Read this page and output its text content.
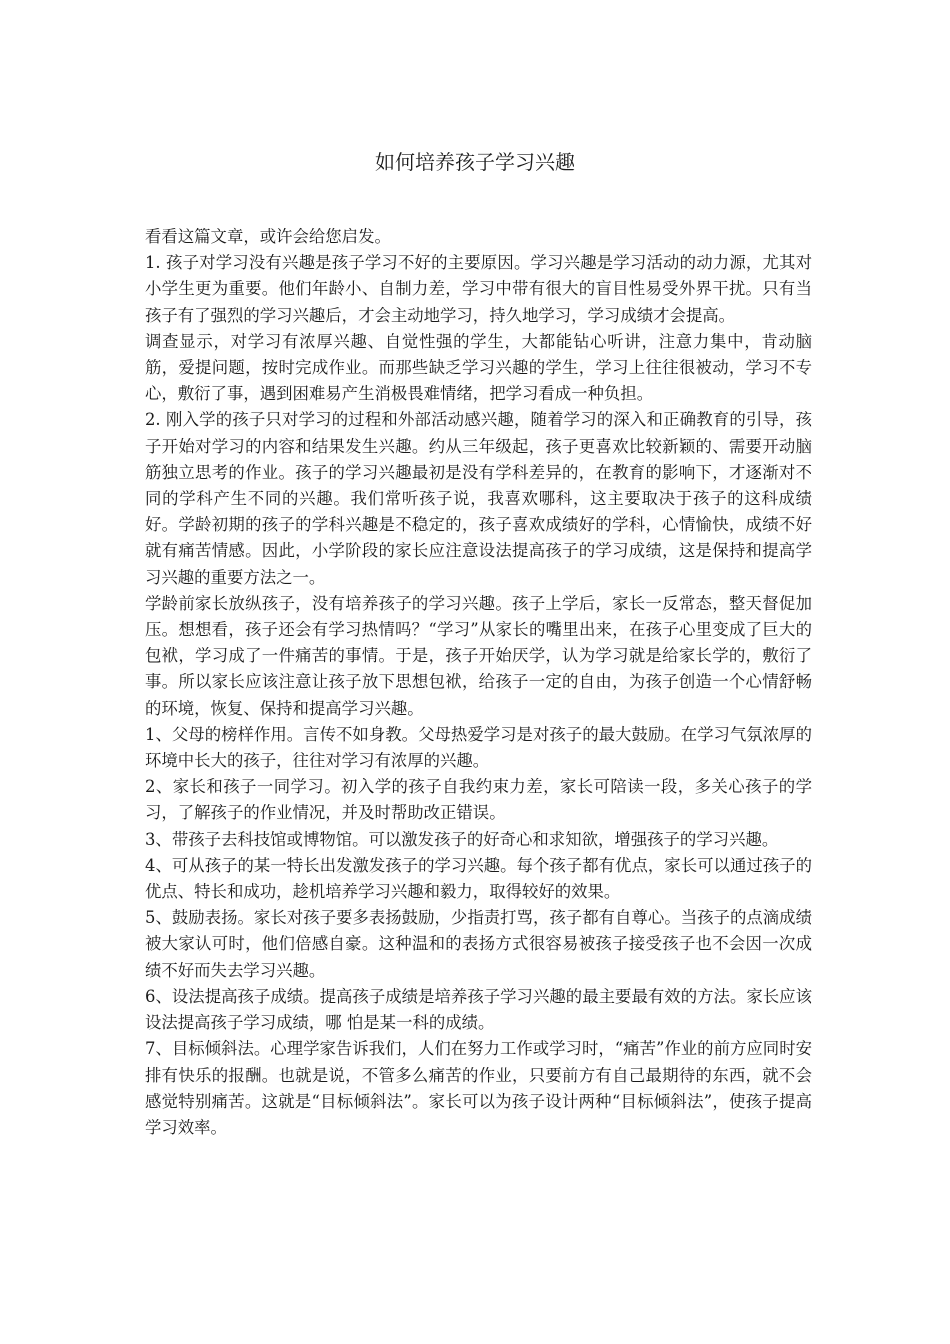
如何培养孩子学习兴趣

看看这篇文章，或许会给您启发。

1. 孩子对学习没有兴趣是孩子学习不好的主要原因。学习兴趣是学习活动的动力源，尤其对小学生更为重要。他们年龄小、自制力差，学习中带有很大的盲目性易受外界干扰。只有当孩子有了强烈的学习兴趣后，才会主动地学习，持久地学习，学习成绩才会提高。

调查显示，对学习有浓厚兴趣、自觉性强的学生，大都能钻心听讲，注意力集中，肯动脑筋，爱提问题，按时完成作业。而那些缺乏学习兴趣的学生，学习上往往很被动，学习不专心，敷衍了事，遇到困难易产生消极畏难情绪，把学习看成一种负担。

2. 刚入学的孩子只对学习的过程和外部活动感兴趣，随着学习的深入和正确教育的引导，孩子开始对学习的内容和结果发生兴趣。约从三年级起，孩子更喜欢比较新颖的、需要开动脑筋独立思考的作业。孩子的学习兴趣最初是没有学科差异的，在教育的影响下，才逐渐对不同的学科产生不同的兴趣。我们常听孩子说，我喜欢哪科，这主要取决于孩子的这科成绩好。学龄初期的孩子的学科兴趣是不稳定的，孩子喜欢成绩好的学科，心情愉快，成绩不好就有痛苦情感。因此，小学阶段的家长应注意设法提高孩子的学习成绩，这是保持和提高学习兴趣的重要方法之一。

学龄前家长放纵孩子，没有培养孩子的学习兴趣。孩子上学后，家长一反常态，整天督促加压。想想看，孩子还会有学习热情吗？“学习”从家长的嘴里出来，在孩子心里变成了巨大的包袱，学习成了一件痛苦的事情。于是，孩子开始厌学，认为学习就是给家长学的，敷衍了事。所以家长应该注意让孩子放下思想包袱，给孩子一定的自由，为孩子创造一个心情舒畅的环境，恢复、保持和提高学习兴趣。

1、父母的榜样作用。言传不如身教。父母热爱学习是对孩子的最大鼓励。在学习气氛浓厚的环境中长大的孩子，往往对学习有浓厚的兴趣。

2、家长和孩子一同学习。初入学的孩子自我约束力差，家长可陪读一段，多关心孩子的学习，了解孩子的作业情况，并及时帮助改正错误。

3、带孩子去科技馆或博物馆。可以激发孩子的好奇心和求知欲，增强孩子的学习兴趣。

4、可从孩子的某一特长出发激发孩子的学习兴趣。每个孩子都有优点，家长可以通过孩子的优点、特长和成功，趁机培养学习兴趣和毅力，取得较好的效果。

5、鼓励表扬。家长对孩子要多表扬鼓励，少指责打骂，孩子都有自尊心。当孩子的点滴成绩被大家认可时，他们倍感自豪。这种温和的表扬方式很容易被孩子接受孩子也不会因一次成绩不好而失去学习兴趣。

6、设法提高孩子成绩。提高孩子成绩是培养孩子学习兴趣的最主要最有效的方法。家长应该设法提高孩子学习成绩，哪 怕是某一科的成绩。

7、目标倾斜法。心理学家告诉我们，人们在努力工作或学习时，“痛苦”作业的前方应同时安排有快乐的报酬。也就是说，不管多么痛苦的作业，只要前方有自己最期待的东西，就不会感觉特别痛苦。这就是“目标倾斜法”。家长可以为孩子设计两种“目标倾斜法”，使孩子提高学习效率。
